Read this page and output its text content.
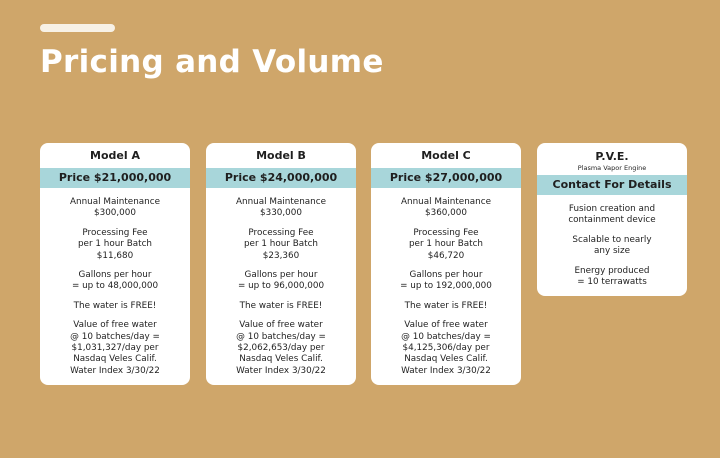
Pricing and Volume
Model A
Price $21,000,000
Annual Maintenance
$300,000
Processing Fee
per 1 hour Batch
$11,680
Gallons per hour
= up to 48,000,000
The water is FREE!
Value of free water
@ 10 batches/day =
$1,031,327/day per
Nasdaq Veles Calif.
Water Index 3/30/22
Model B
Price $24,000,000
Annual Maintenance
$330,000
Processing Fee
per 1 hour Batch
$23,360
Gallons per hour
= up to 96,000,000
The water is FREE!
Value of free water
@ 10 batches/day =
$2,062,653/day per
Nasdaq Veles Calif.
Water Index 3/30/22
Model C
Price $27,000,000
Annual Maintenance
$360,000
Processing Fee
per 1 hour Batch
$46,720
Gallons per hour
= up to 192,000,000
The water is FREE!
Value of free water
@ 10 batches/day =
$4,125,306/day per
Nasdaq Veles Calif.
Water Index 3/30/22
P.V.E.
Plasma Vapor Engine
Contact For Details
Fusion creation and
containment device
Scalable to nearly
any size
Energy produced
= 10 terrawatts
